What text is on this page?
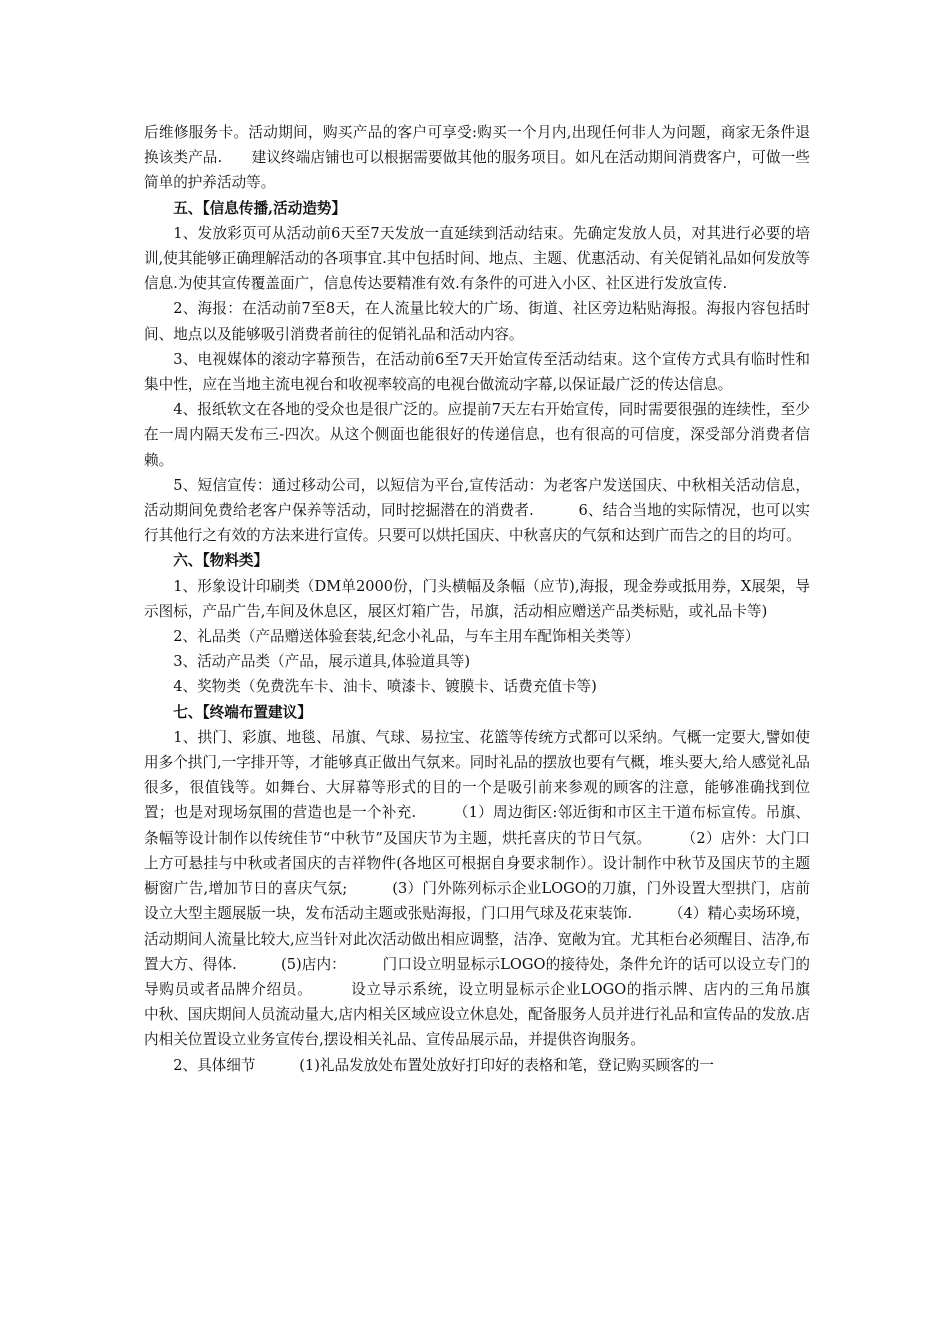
后维修服务卡。活动期间，购买产品的客户可享受:购买一个月内,出现任何非人为问题，商家无条件退换该类产品.　　建议终端店铺也可以根据需要做其他的服务项目。如凡在活动期间消费客户，可做一些简单的护养活动等。

五、【信息传播,活动造势】

1、发放彩页可从活动前6天至7天发放一直延续到活动结束。先确定发放人员，对其进行必要的培训,使其能够正确理解活动的各项事宜.其中包括时间、地点、主题、优惠活动、有关促销礼品如何发放等信息.为使其宣传覆盖面广，信息传达要精准有效.有条件的可进入小区、社区进行发放宣传.

2、海报：在活动前7至8天，在人流量比较大的广场、街道、社区旁边粘贴海报。海报内容包括时间、地点以及能够吸引消费者前往的促销礼品和活动内容。

3、电视媒体的滚动字幕预告，在活动前6至7天开始宣传至活动结束。这个宣传方式具有临时性和集中性，应在当地主流电视台和收视率较高的电视台做流动字幕,以保证最广泛的传达信息。

4、报纸软文在各地的受众也是很广泛的。应提前7天左右开始宣传，同时需要很强的连续性，至少在一周内隔天发布三-四次。从这个侧面也能很好的传递信息，也有很高的可信度，深受部分消费者信赖。

5、短信宣传：通过移动公司，以短信为平台,宣传活动：为老客户发送国庆、中秋相关活动信息，活动期间免费给老客户保养等活动，同时挖掘潜在的消费者.　　　6、结合当地的实际情况，也可以实行其他行之有效的方法来进行宣传。只要可以烘托国庆、中秋喜庆的气氛和达到广而告之的目的均可。

六、【物料类】

1、形象设计印刷类（DM单2000份，门头横幅及条幅（应节),海报，现金券或抵用券，X展架，导示图标，产品广告,车间及休息区，展区灯箱广告，吊旗，活动相应赠送产品类标贴，或礼品卡等)

2、礼品类（产品赠送体验套装,纪念小礼品，与车主用车配饰相关类等）

3、活动产品类（产品，展示道具,体验道具等)

4、奖物类（免费洗车卡、油卡、喷漆卡、镀膜卡、话费充值卡等)

七、【终端布置建议】

1、拱门、彩旗、地毯、吊旗、气球、易拉宝、花篮等传统方式都可以采纳。气概一定要大,譬如使用多个拱门,一字排开等，才能够真正做出气氛来。同时礼品的摆放也要有气概，堆头要大,给人感觉礼品很多，很值钱等。如舞台、大屏幕等形式的目的一个是吸引前来参观的顾客的注意，能够准确找到位置；也是对现场氛围的营造也是一个补充.　　　（1）周边街区:邻近街和市区主干道布标宣传。吊旗、条幅等设计制作以传统佳节“中秋节”及国庆节为主题，烘托喜庆的节日气氛。　　　（2）店外：大门口上方可悬挂与中秋或者国庆的吉祥物件(各地区可根据自身要求制作）。设计制作中秋节及国庆节的主题橱窗广告,增加节日的喜庆气氛;　　　(3）门外陈列标示企业LOGO的刀旗，门外设置大型拱门，店前设立大型主题展版一块，发布活动主题或张贴海报，门口用气球及花束装饰.　　　（4）精心卖场环境，活动期间人流量比较大,应当针对此次活动做出相应调整，洁净、宽敞为宜。尤其柜台必须醒目、洁净,布置大方、得体.　　　(5)店内：　　　门口设立明显标示LOGO的接待处，条件允许的话可以设立专门的导购员或者品牌介绍员。　　　设立导示系统，设立明显标示企业LOGO的指示牌、店内的三角吊旗　　　中秋、国庆期间人员流动量大,店内相关区域应设立休息处，配备服务人员并进行礼品和宣传品的发放.店内相关位置设立业务宣传台,摆设相关礼品、宣传品展示品，并提供咨询服务。

2、具体细节　　　(1)礼品发放处布置处放好打印好的表格和笔，登记购买顾客的一
